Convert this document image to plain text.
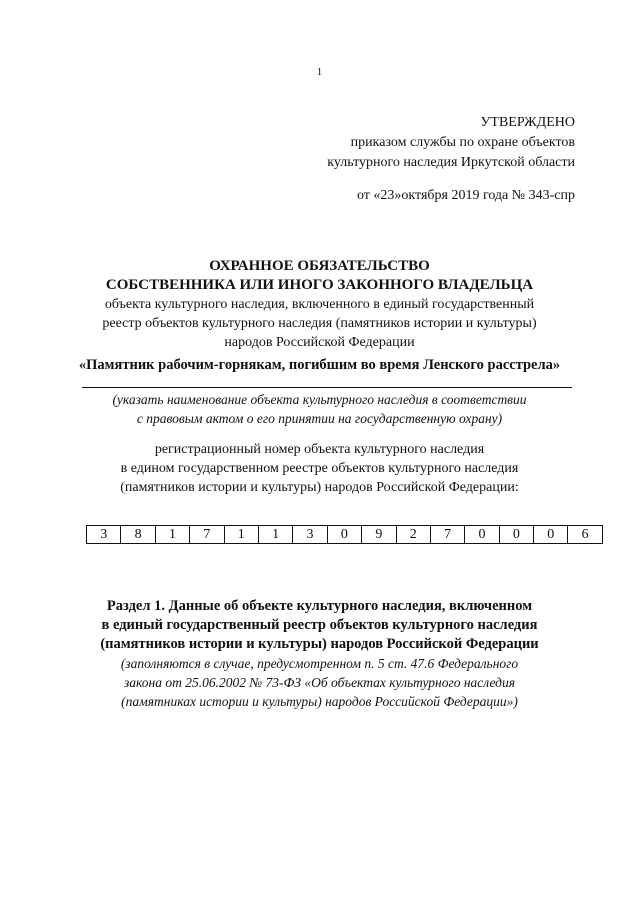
1
УТВЕРЖДЕНО
приказом службы по охране объектов
культурного наследия Иркутской области
от «23»октября 2019 года № 343-спр
ОХРАННОЕ ОБЯЗАТЕЛЬСТВО
СОБСТВЕННИКА ИЛИ ИНОГО ЗАКОННОГО ВЛАДЕЛЬЦА
объекта культурного наследия, включенного в единый государственный
реестр объектов культурного наследия (памятников истории и культуры)
народов Российской Федерации
«Памятник рабочим-горнякам, погибшим во время Ленского расстрела»
(указать наименование объекта культурного наследия в соответствии
с правовым актом о его принятии на государственную охрану)
регистрационный номер объекта культурного наследия
в едином государственном реестре объектов культурного наследия
(памятников истории и культуры) народов Российской Федерации:
3	8	1	7	1	1	3	0	9	2	7	0	0	0	6
Раздел 1. Данные об объекте культурного наследия, включенном
в единый государственный реестр объектов культурного наследия
(памятников истории и культуры) народов Российской Федерации
(заполняются в случае, предусмотренном п. 5 ст. 47.6 Федерального
закона от 25.06.2002 № 73-ФЗ «Об объектах культурного наследия
(памятниках истории и культуры) народов Российской Федерации»)
